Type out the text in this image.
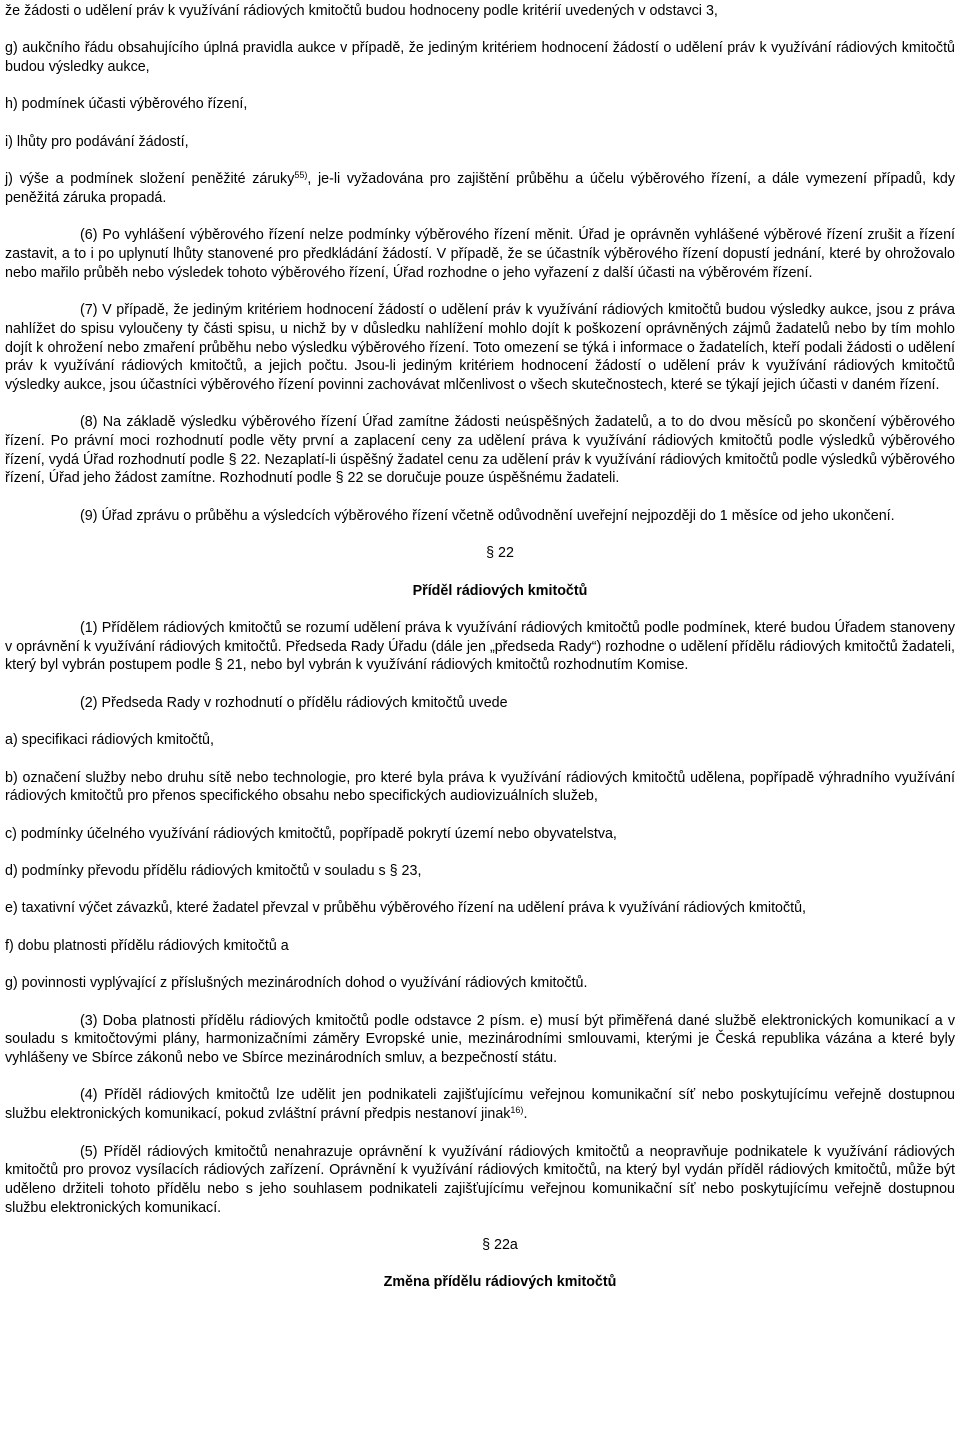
že žádosti o udělení práv k využívání rádiových kmitočtů budou hodnoceny podle kritérií uvedených v odstavci 3,

g) aukčního řádu obsahujícího úplná pravidla aukce v případě, že jediným kritériem hodnocení žádostí o udělení práv k využívání rádiových kmitočtů budou výsledky aukce,

h) podmínek účasti výběrového řízení,

i) lhůty pro podávání žádostí,

j) výše a podmínek složení peněžité záruky$^{55)}$, je-li vyžadována pro zajištění průběhu a účelu výběrového řízení, a dále vymezení případů, kdy peněžitá záruka propadá.

(6) Po vyhlášení výběrového řízení nelze podmínky výběrového řízení měnit. Úřad je oprávněn vyhlášené výběrové řízení zrušit a řízení zastavit, a to i po uplynutí lhůty stanovené pro předkládání žádostí. V případě, že se účastník výběrového řízení dopustí jednání, které by ohrožovalo nebo mařilo průběh nebo výsledek tohoto výběrového řízení, Úřad rozhodne o jeho vyřazení z další účasti na výběrovém řízení.

(7) V případě, že jediným kritériem hodnocení žádostí o udělení práv k využívání rádiových kmitočtů budou výsledky aukce, jsou z práva nahlížet do spisu vyloučeny ty části spisu, u nichž by v důsledku nahlížení mohlo dojít k poškození oprávněných zájmů žadatelů nebo by tím mohlo dojít k ohrožení nebo zmaření průběhu nebo výsledku výběrového řízení. Toto omezení se týká i informace o žadatelích, kteří podali žádosti o udělení práv k využívání rádiových kmitočtů, a jejich počtu. Jsou-li jediným kritériem hodnocení žádostí o udělení práv k využívání rádiových kmitočtů výsledky aukce, jsou účastníci výběrového řízení povinni zachovávat mlčenlivost o všech skutečnostech, které se týkají jejich účasti v daném řízení.

(8) Na základě výsledku výběrového řízení Úřad zamítne žádosti neúspěšných žadatelů, a to do dvou měsíců po skončení výběrového řízení. Po právní moci rozhodnutí podle věty první a zaplacení ceny za udělení práva k využívání rádiových kmitočtů podle výsledků výběrového řízení, vydá Úřad rozhodnutí podle § 22. Nezaplatí-li úspěšný žadatel cenu za udělení práv k využívání rádiových kmitočtů podle výsledků výběrového řízení, Úřad jeho žádost zamítne. Rozhodnutí podle § 22 se doručuje pouze úspěšnému žadateli.

(9) Úřad zprávu o průběhu a výsledcích výběrového řízení včetně odůvodnění uveřejní nejpozději do 1 měsíce od jeho ukončení.

§ 22

Příděl rádiových kmitočtů

(1) Přídělem rádiových kmitočtů se rozumí udělení práva k využívání rádiových kmitočtů podle podmínek, které budou Úřadem stanoveny v oprávnění k využívání rádiových kmitočtů. Předseda Rady Úřadu (dále jen „předseda Rady“) rozhodne o udělení přídělu rádiových kmitočtů žadateli, který byl vybrán postupem podle § 21, nebo byl vybrán k využívání rádiových kmitočtů rozhodnutím Komise.

(2) Předseda Rady v rozhodnutí o přídělu rádiových kmitočtů uvede

a) specifikaci rádiových kmitočtů,

b) označení služby nebo druhu sítě nebo technologie, pro které byla práva k využívání rádiových kmitočtů udělena, popřípadě výhradního využívání rádiových kmitočtů pro přenos specifického obsahu nebo specifických audiovizuálních služeb,

c) podmínky účelného využívání rádiových kmitočtů, popřípadě pokrytí území nebo obyvatelstva,

d) podmínky převodu přídělu rádiových kmitočtů v souladu s § 23,

e) taxativní výčet závazků, které žadatel převzal v průběhu výběrového řízení na udělení práva k využívání rádiových kmitočtů,

f) dobu platnosti přídělu rádiových kmitočtů a

g) povinnosti vyplývající z příslušných mezinárodních dohod o využívání rádiových kmitočtů.

(3) Doba platnosti přídělu rádiových kmitočtů podle odstavce 2 písm. e) musí být přiměřená dané službě elektronických komunikací a v souladu s kmitočtovými plány, harmonizačními záměry Evropské unie, mezinárodními smlouvami, kterými je Česká republika vázána a které byly vyhlášeny ve Sbírce zákonů nebo ve Sbírce mezinárodních smluv, a bezpečností státu.

(4) Příděl rádiových kmitočtů lze udělit jen podnikateli zajišťujícímu veřejnou komunikační síť nebo poskytujícímu veřejně dostupnou službu elektronických komunikací, pokud zvláštní právní předpis nestanoví jinak$^{16)}$.

(5) Příděl rádiových kmitočtů nenahrazuje oprávnění k využívání rádiových kmitočtů a neopravňuje podnikatele k využívání rádiových kmitočtů pro provoz vysílacích rádiových zařízení. Oprávnění k využívání rádiových kmitočtů, na který byl vydán příděl rádiových kmitočtů, může být uděleno držiteli tohoto přídělu nebo s jeho souhlasem podnikateli zajišťujícímu veřejnou komunikační síť nebo poskytujícímu veřejně dostupnou službu elektronických komunikací.

§ 22a

Změna přídělu rádiových kmitočtů
